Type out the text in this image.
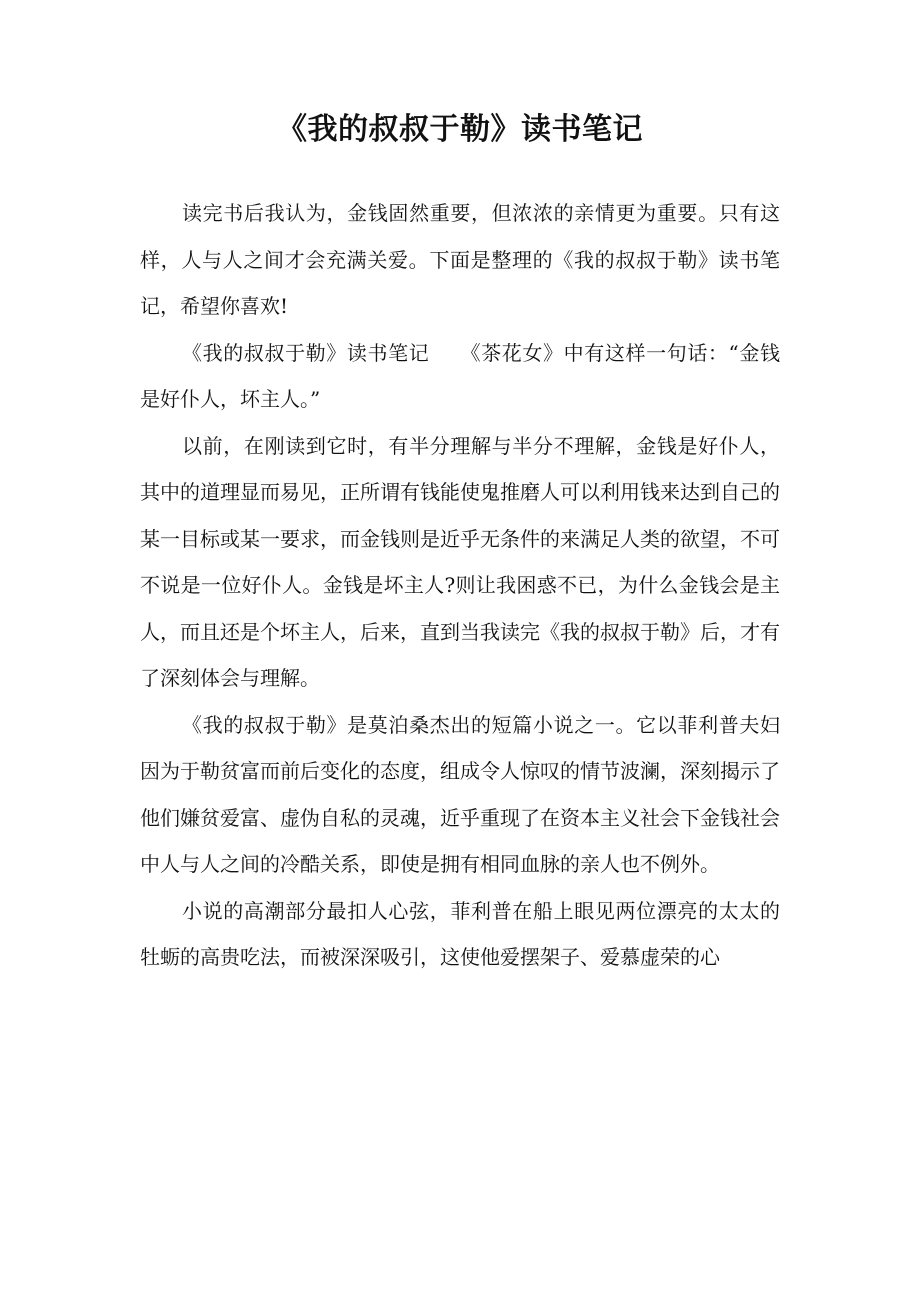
《我的叔叔于勒》读书笔记

读完书后我认为，金钱固然重要，但浓浓的亲情更为重要。只有这样，人与人之间才会充满关爱。下面是整理的《我的叔叔于勒》读书笔记，希望你喜欢!

《我的叔叔于勒》读书笔记　　《茶花女》中有这样一句话：“金钱是好仆人，坏主人。”

以前，在刚读到它时，有半分理解与半分不理解，金钱是好仆人，其中的道理显而易见，正所谓有钱能使鬼推磨人可以利用钱来达到自己的某一目标或某一要求，而金钱则是近乎无条件的来满足人类的欲望，不可不说是一位好仆人。金钱是坏主人?则让我困惑不已，为什么金钱会是主人，而且还是个坏主人，后来，直到当我读完《我的叔叔于勒》后，才有了深刻体会与理解。

《我的叔叔于勒》是莫泊桑杰出的短篇小说之一。它以菲利普夫妇因为于勒贫富而前后变化的态度，组成令人惊叹的情节波澜，深刻揭示了他们嫌贫爱富、虚伪自私的灵魂，近乎重现了在资本主义社会下金钱社会中人与人之间的冷酷关系，即使是拥有相同血脉的亲人也不例外。

小说的高潮部分最扣人心弦，菲利普在船上眼见两位漂亮的太太的牡蛎的高贵吃法，而被深深吸引，这使他爱摆架子、爱慕虚荣的心
